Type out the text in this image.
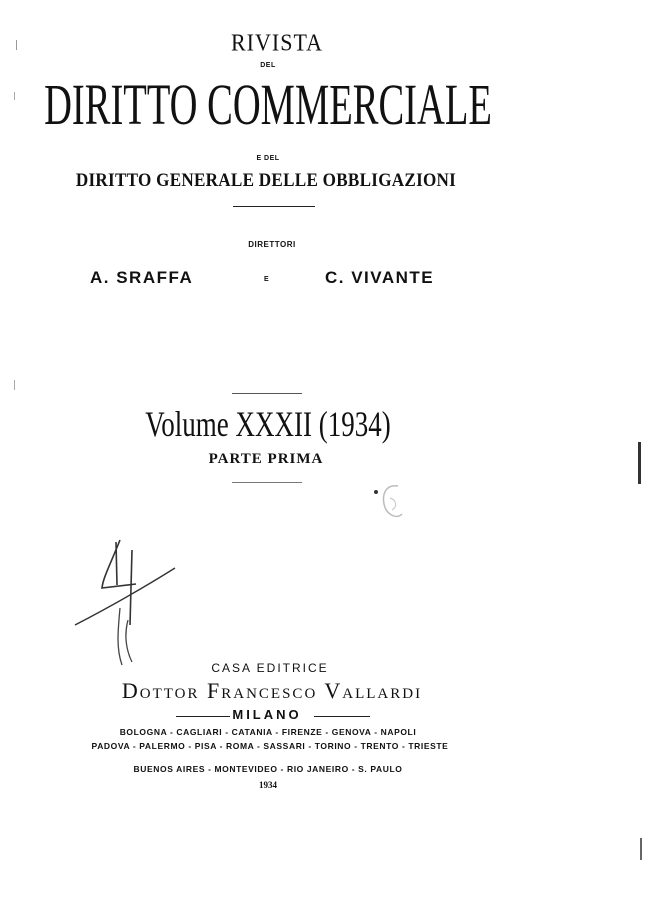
RIVISTA
DEL
DIRITTO COMMERCIALE
E DEL
DIRITTO GENERALE DELLE OBBLIGAZIONI
DIRETTORI
A. SRAFFA	E	C. VIVANTE
Volume XXXII (1934)
PARTE PRIMA
CASA EDITRICE
Dottor Francesco Vallardi
MILANO
BOLOGNA - CAGLIARI - CATANIA - FIRENZE - GENOVA - NAPOLI
PADOVA - PALERMO - PISA - ROMA - SASSARI - TORINO - TRENTO - TRIESTE
BUENOS AIRES - MONTEVIDEO - RIO JANEIRO - S. PAULO
1934
